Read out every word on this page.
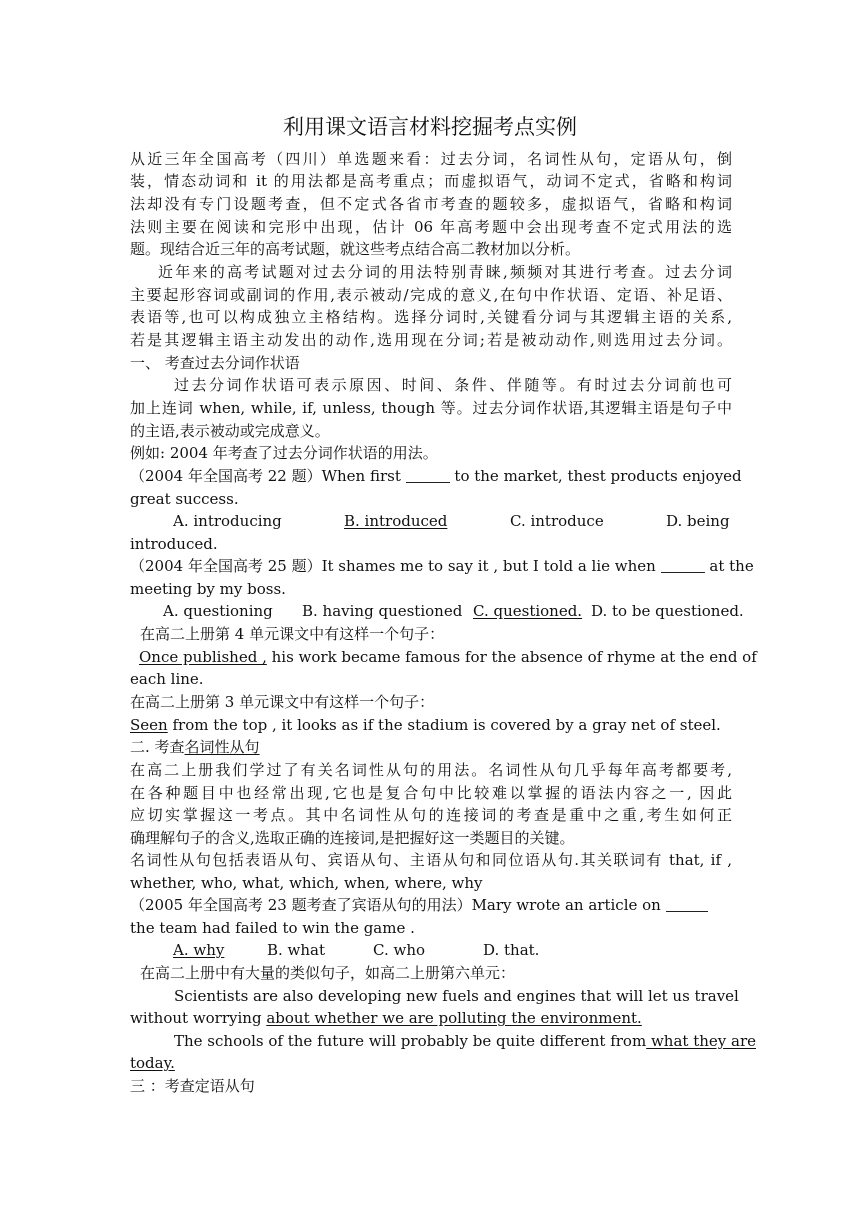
利用课文语言材料挖掘考点实例
从近三年全国高考（四川）单选题来看：过去分词，名词性从句，定语从句，倒
装，情态动词和 it 的用法都是高考重点；而虚拟语气，动词不定式，省略和构词
法却没有专门设题考查，但不定式各省市考查的题较多，虚拟语气，省略和构词
法则主要在阅读和完形中出现，估计 06 年高考题中会出现考查不定式用法的选
题。现结合近三年的高考试题，就这些考点结合高二教材加以分析。
近年来的高考试题对过去分词的用法特别青睐,频频对其进行考查。过去分词
主要起形容词或副词的作用,表示被动/完成的意义,在句中作状语、定语、补足语、
表语等,也可以构成独立主格结构。选择分词时,关键看分词与其逻辑主语的关系,
若是其逻辑主语主动发出的动作,选用现在分词;若是被动动作,则选用过去分词。
一、 考查过去分词作状语
过去分词作状语可表示原因、时间、条件、伴随等。有时过去分词前也可
加上连词 when, while, if, unless, though 等。过去分词作状语,其逻辑主语是句子中
的主语,表示被动或完成意义。
例如: 2004 年考查了过去分词作状语的用法。
（2004 年全国高考 22 题）When first	to the market, thest products enjoyed
great success.
A. introducing	B. introduced	C. introduce	D. being
introduced.
（2004 年全国高考 25 题）It shames me to say it , but I told a lie when	at the
meeting by my boss.
A. questioning B. having questioned C. questioned. D. to be questioned.
在高二上册第 4 单元课文中有这样一个句子：
Once published , his work became famous for the absence of rhyme at the end of
each line.
在高二上册第 3 单元课文中有这样一个句子：
Seen from the top , it looks as if the stadium is covered by a gray net of steel.
二. 考查名词性从句
在高二上册我们学过了有关名词性从句的用法。名词性从句几乎每年高考都要考,
在各种题目中也经常出现,它也是复合句中比较难以掌握的语法内容之一, 因此
应切实掌握这一考点。其中名词性从句的连接词的考查是重中之重,考生如何正
确理解句子的含义,选取正确的连接词,是把握好这一类题目的关键。
名词性从句包括表语从句、宾语从句、主语从句和同位语从句.其关联词有 that, if ,
whether, who, what, which, when, where, why
（2005 年全国高考 23 题考查了宾语从句的用法）Mary wrote an article on
the team had failed to win the game .
A. why	B. what	C. who	D. that.
在高二上册中有大量的类似句子，如高二上册第六单元：
Scientists are also developing new fuels and engines that will let us travel
without worrying about whether we are polluting the environment.
The schools of the future will probably be quite different from what they are
today.
三 ：考查定语从句
